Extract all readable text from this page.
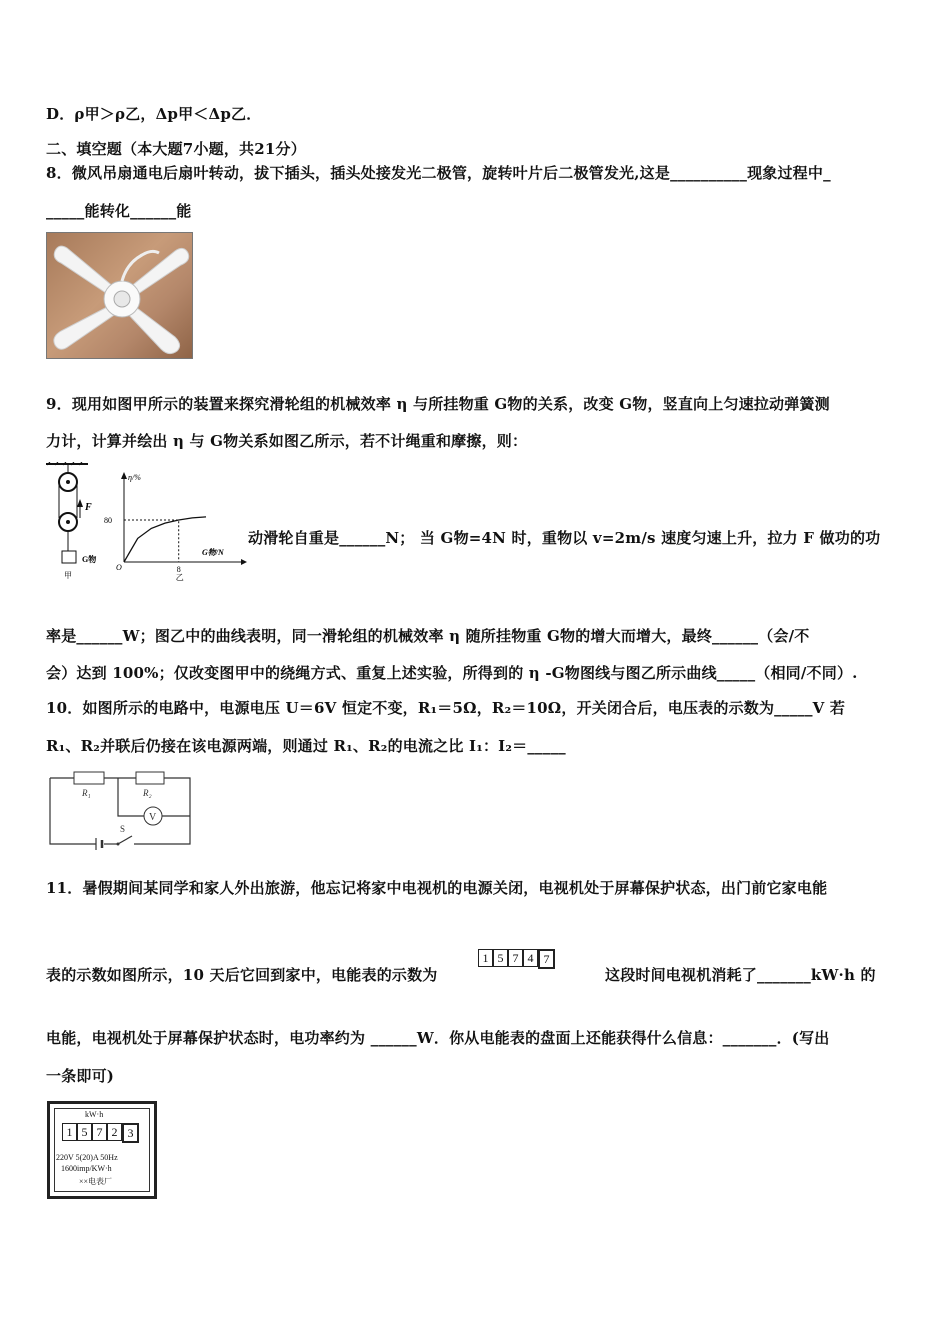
D．ρ甲＞ρ乙，Δp甲＜Δp乙．
二、填空题（本大题7小题，共21分）
8．微风吊扇通电后扇叶转动，拔下插头，插头处接发光二极管，旋转叶片后二极管发光,这是__________现象过程中_
_____能转化______能
9．现用如图甲所示的装置来探究滑轮组的机械效率 η 与所挂物重 G物的关系，改变 G物，竖直向上匀速拉动弹簧测
力计，计算并绘出 η 与 G物关系如图乙所示，若不计绳重和摩擦，则：
F
G物
甲
η/%
G物/N
O
80
8
乙
动滑轮自重是______N； 当 G物=4N 时，重物以 v=2m/s 速度匀速上升，拉力 F 做功的功
率是______W；图乙中的曲线表明，同一滑轮组的机械效率 η 随所挂物重 G物的增大而增大，最终______（会/不
会）达到 100%；仅改变图甲中的绕绳方式、重复上述实验，所得到的 η -G物图线与图乙所示曲线_____（相同/不同）.
10．如图所示的电路中，电源电压 U＝6V 恒定不变，R₁＝5Ω，R₂＝10Ω，开关闭合后，电压表的示数为_____V 若
R₁、R₂并联后仍接在该电源两端，则通过 R₁、R₂的电流之比 I₁：I₂＝_____
R₁	R₂
V
S
11．暑假期间某同学和家人外出旅游，他忘记将家中电视机的电源关闭，电视机处于屏幕保护状态，出门前它家电能
表的示数如图所示，10 天后它回到家中，电能表的示数为
1 5 7 4 7
这段时间电视机消耗了_______kW·h 的
电能，电视机处于屏幕保护状态时，电功率约为 ______W．你从电能表的盘面上还能获得什么信息：_______．(写出
一条即可)
kW·h
1 5 7 2 3
220V 5(20)A 50Hz
1600imp/KW·h
××电表厂
